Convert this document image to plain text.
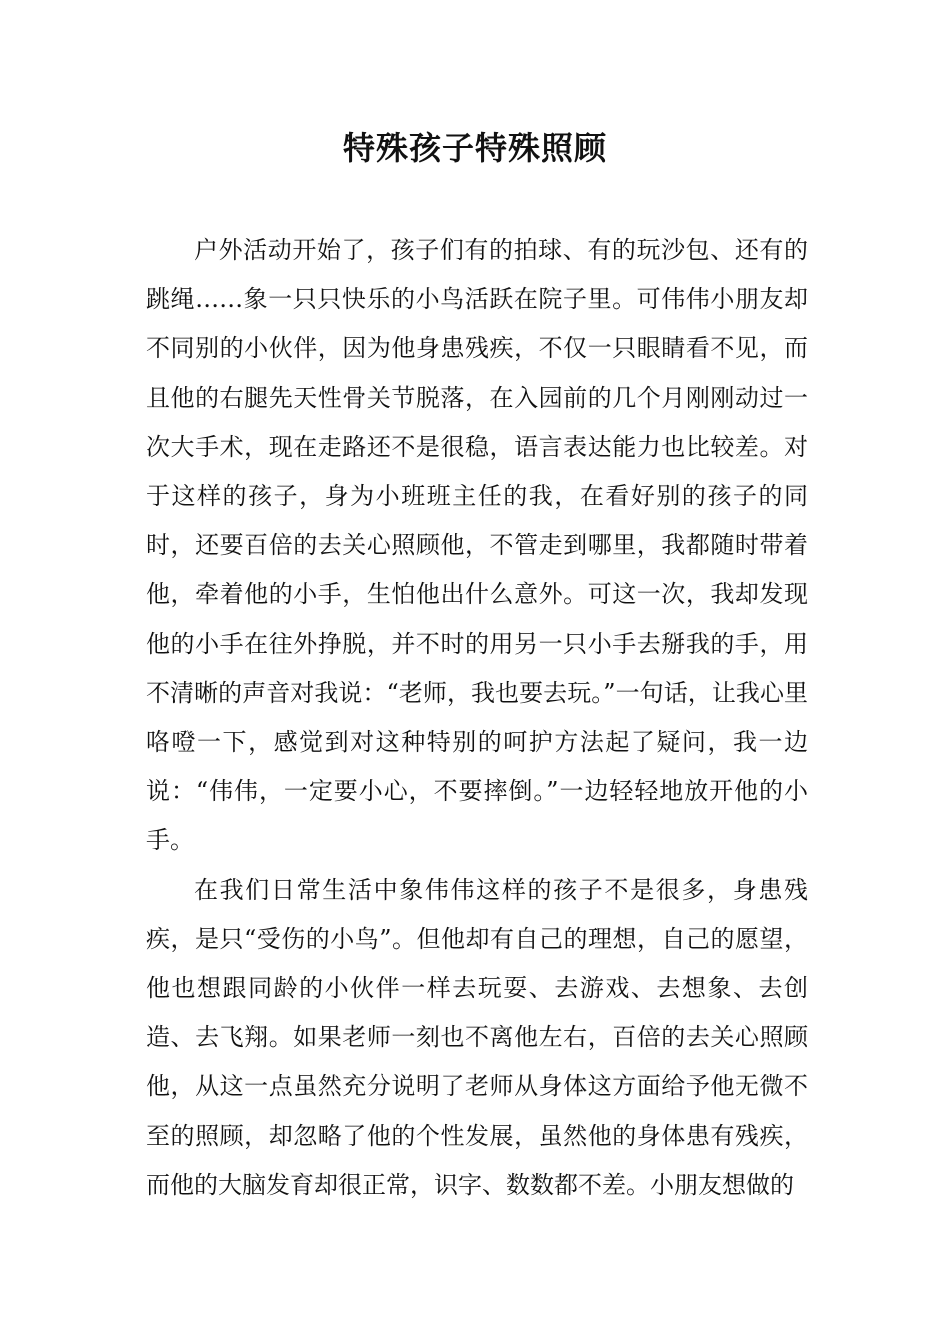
特殊孩子特殊照顾

户外活动开始了，孩子们有的拍球、有的玩沙包、还有的跳绳……象一只只快乐的小鸟活跃在院子里。可伟伟小朋友却不同别的小伙伴，因为他身患残疾，不仅一只眼睛看不见，而且他的右腿先天性骨关节脱落，在入园前的几个月刚刚动过一次大手术，现在走路还不是很稳，语言表达能力也比较差。对于这样的孩子，身为小班班主任的我，在看好别的孩子的同时，还要百倍的去关心照顾他，不管走到哪里，我都随时带着他，牵着他的小手，生怕他出什么意外。可这一次，我却发现他的小手在往外挣脱，并不时的用另一只小手去掰我的手，用不清晰的声音对我说：“老师，我也要去玩。”一句话，让我心里咯噔一下，感觉到对这种特别的呵护方法起了疑问，我一边说：“伟伟，一定要小心，不要摔倒。”一边轻轻地放开他的小手。

在我们日常生活中象伟伟这样的孩子不是很多，身患残疾，是只“受伤的小鸟”。但他却有自己的理想，自己的愿望，他也想跟同龄的小伙伴一样去玩耍、去游戏、去想象、去创造、去飞翔。如果老师一刻也不离他左右，百倍的去关心照顾他，从这一点虽然充分说明了老师从身体这方面给予他无微不至的照顾，却忽略了他的个性发展，虽然他的身体患有残疾，而他的大脑发育却很正常，识字、数数都不差。小朋友想做的
